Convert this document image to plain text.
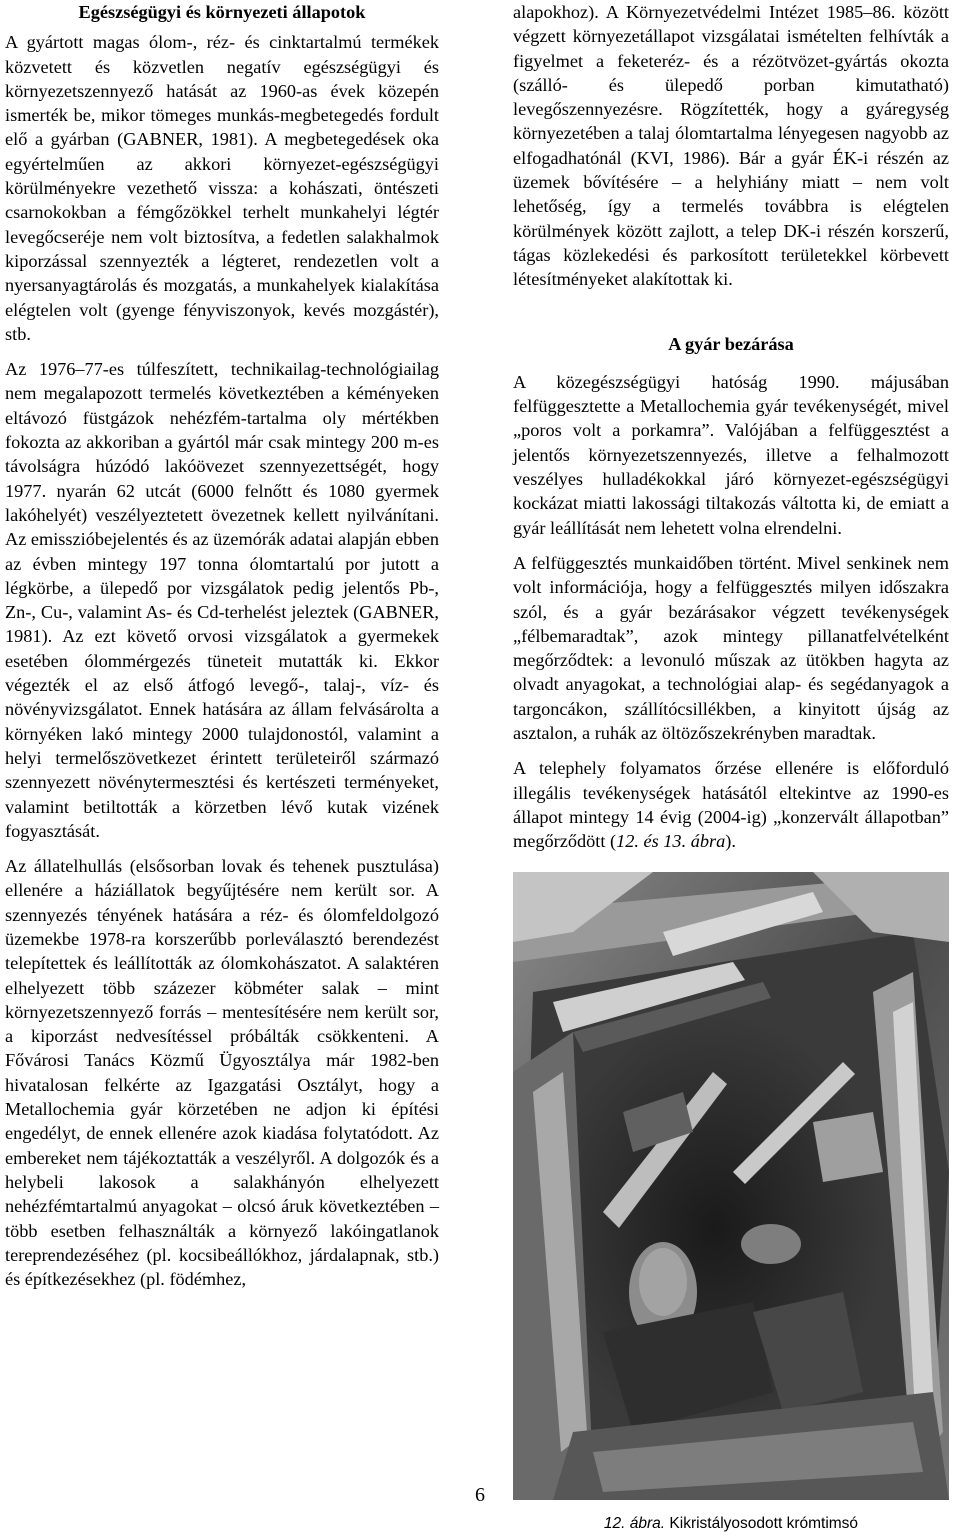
Egészségügyi és környezeti állapotok

A gyártott magas ólom-, réz- és cinktartalmú termékek közvetett és közvetlen negatív egészségügyi és környezetszennyező hatását az 1960-as évek közepén ismerték be, mikor tömeges munkás-megbetegedés fordult elő a gyárban (GABNER, 1981). A megbetegedések oka egyértelműen az akkori környezet-egészségügyi körülményekre vezethető vissza: a kohászati, öntészeti csarnokokban a fémgőzökkel terhelt munkahelyi légtér levegőcseréje nem volt biztosítva, a fedetlen salakhalmok kiporzással szennyezték a légteret, rendezetlen volt a nyersanyagtárolás és mozgatás, a munkahelyek kialakítása elégtelen volt (gyenge fényviszonyok, kevés mozgástér), stb.

Az 1976–77-es túlfeszített, technikailag-technológiailag nem megalapozott termelés következtében a kéményeken eltávozó füstgázok nehézfém-tartalma oly mértékben fokozta az akkoriban a gyártól már csak mintegy 200 m-es távolságra húzódó lakóövezet szennyezettségét, hogy 1977. nyarán 62 utcát (6000 felnőtt és 1080 gyermek lakóhelyét) veszélyeztetett övezetnek kellett nyilvánítani. Az emisszióbejelentés és az üzemórák adatai alapján ebben az évben mintegy 197 tonna ólomtartalú por jutott a légkörbe, a ülepedő por vizsgálatok pedig jelentős Pb-, Zn-, Cu-, valamint As- és Cd-terhelést jeleztek (GABNER, 1981). Az ezt követő orvosi vizsgálatok a gyermekek esetében ólommérgezés tüneteit mutatták ki. Ekkor végezték el az első átfogó levegő-, talaj-, víz- és növényvizsgálatot. Ennek hatására az állam felvásárolta a környéken lakó mintegy 2000 tulajdonostól, valamint a helyi termelőszövetkezet érintett területeiről származó szennyezett növénytermesztési és kertészeti terményeket, valamint betiltották a körzetben lévő kutak vizének fogyasztását.

Az állatelhullás (elsősorban lovak és tehenek pusztulása) ellenére a háziállatok begyűjtésére nem került sor. A szennyezés tényének hatására a réz- és ólomfeldolgozó üzemekbe 1978-ra korszerűbb porleválasztó berendezést telepítettek és leállították az ólomkohászatot. A salaktéren elhelyezett több százezer köbméter salak – mint környezetszennyező forrás – mentesítésére nem került sor, a kiporzást nedvesítéssel próbálták csökkenteni. A Fővárosi Tanács Közmű Ügyosztálya már 1982-ben hivatalosan felkérte az Igazgatási Osztályt, hogy a Metallochemia gyár körzetében ne adjon ki építési engedélyt, de ennek ellenére azok kiadása folytatódott. Az embereket nem tájékoztatták a veszélyről. A dolgozók és a helybeli lakosok a salakhányón elhelyezett nehézfémtartalmú anyagokat – olcsó áruk következtében – több esetben felhasználták a környező lakóingatlanok tereprendezéséhez (pl. kocsibeállókhoz, járdalapnak, stb.) és építkezésekhez (pl. födémhez,

alapokhoz). A Környezetvédelmi Intézet 1985–86. között végzett környezetállapot vizsgálatai ismételten felhívták a figyelmet a feketeréz- és a rézötvözet-gyártás okozta (szálló- és ülepedő porban kimutatható) levegőszennyezésre. Rögzítették, hogy a gyáregység környezetében a talaj ólomtartalma lényegesen nagyobb az elfogadhatónál (KVI, 1986). Bár a gyár ÉK-i részén az üzemek bővítésére – a helyhiány miatt – nem volt lehetőség, így a termelés továbbra is elégtelen körülmények között zajlott, a telep DK-i részén korszerű, tágas közlekedési és parkosított területekkel körbevett létesítményeket alakítottak ki.

A gyár bezárása

A közegészségügyi hatóság 1990. májusában felfüggesztette a Metallochemia gyár tevékenységét, mivel „poros volt a porkamra”. Valójában a felfüggesztést a jelentős környezetszennyezés, illetve a felhalmozott veszélyes hulladékokkal járó környezet-egészségügyi kockázat miatti lakossági tiltakozás váltotta ki, de emiatt a gyár leállítását nem lehetett volna elrendelni.

A felfüggesztés munkaidőben történt. Mivel senkinek nem volt információja, hogy a felfüggesztés milyen időszakra szól, és a gyár bezárásakor végzett tevékenységek „félbemaradtak”, azok mintegy pillanatfelvételként megőrződtek: a levonuló műszak az ütökben hagyta az olvadt anyagokat, a technológiai alap- és segédanyagok a targoncákon, szállítócsillékben, a kinyitott újság az asztalon, a ruhák az öltözőszekrényben maradtak.

A telephely folyamatos őrzése ellenére is előforduló illegális tevékenységek hatásától eltekintve az 1990-es állapot mintegy 14 évig (2004-ig) „konzervált állapotban” megőrződött (12. és 13. ábra).

12. ábra. Kikristályosodott krómtimsó
6
